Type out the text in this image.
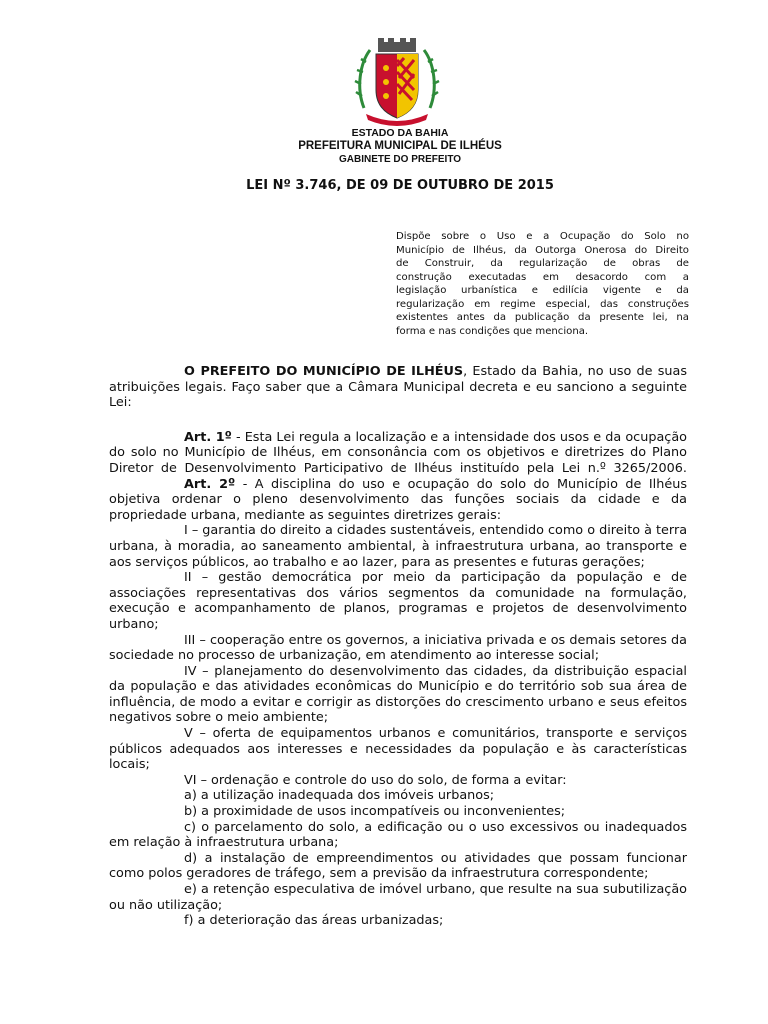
ESTADO DA BAHIA
PREFEITURA MUNICIPAL DE ILHÉUS
GABINETE DO PREFEITO
LEI Nº 3.746, DE 09 DE OUTUBRO DE 2015
Dispõe sobre o Uso e a Ocupação do Solo no
Município de Ilhéus, da Outorga Onerosa do Direito
de Construir, da regularização de obras de
construção executadas em desacordo com a
legislação urbanística e edilícia vigente e da
regularização em regime especial, das construções
existentes antes da publicação da presente lei, na
forma e nas condições que menciona.
O PREFEITO DO MUNICÍPIO DE ILHÉUS, Estado da Bahia, no uso de suas
atribuições legais. Faço saber que a Câmara Municipal decreta e eu sanciono a seguinte
Lei:
Art. 1º - Esta Lei regula a localização e a intensidade dos usos e da ocupação
do solo no Município de Ilhéus, em consonância com os objetivos e diretrizes do Plano
Diretor de Desenvolvimento Participativo de Ilhéus instituído pela Lei n.º 3265/2006.
Art. 2º - A disciplina do uso e ocupação do solo do Município de Ilhéus
objetiva ordenar o pleno desenvolvimento das funções sociais da cidade e da
propriedade urbana, mediante as seguintes diretrizes gerais:
I – garantia do direito a cidades sustentáveis, entendido como o direito à terra
urbana, à moradia, ao saneamento ambiental, à infraestrutura urbana, ao transporte e
aos serviços públicos, ao trabalho e ao lazer, para as presentes e futuras gerações;
II – gestão democrática por meio da participação da população e de
associações representativas dos vários segmentos da comunidade na formulação,
execução e acompanhamento de planos, programas e projetos de desenvolvimento
urbano;
III – cooperação entre os governos, a iniciativa privada e os demais setores da
sociedade no processo de urbanização, em atendimento ao interesse social;
IV – planejamento do desenvolvimento das cidades, da distribuição espacial
da população e das atividades econômicas do Município e do território sob sua área de
influência, de modo a evitar e corrigir as distorções do crescimento urbano e seus efeitos
negativos sobre o meio ambiente;
V – oferta de equipamentos urbanos e comunitários, transporte e serviços
públicos adequados aos interesses e necessidades da população e às características
locais;
VI – ordenação e controle do uso do solo, de forma a evitar:
a) a utilização inadequada dos imóveis urbanos;
b) a proximidade de usos incompatíveis ou inconvenientes;
c) o parcelamento do solo, a edificação ou o uso excessivos ou inadequados
em relação à infraestrutura urbana;
d) a instalação de empreendimentos ou atividades que possam funcionar
como polos geradores de tráfego, sem a previsão da infraestrutura correspondente;
e) a retenção especulativa de imóvel urbano, que resulte na sua subutilização
ou não utilização;
f) a deterioração das áreas urbanizadas;
